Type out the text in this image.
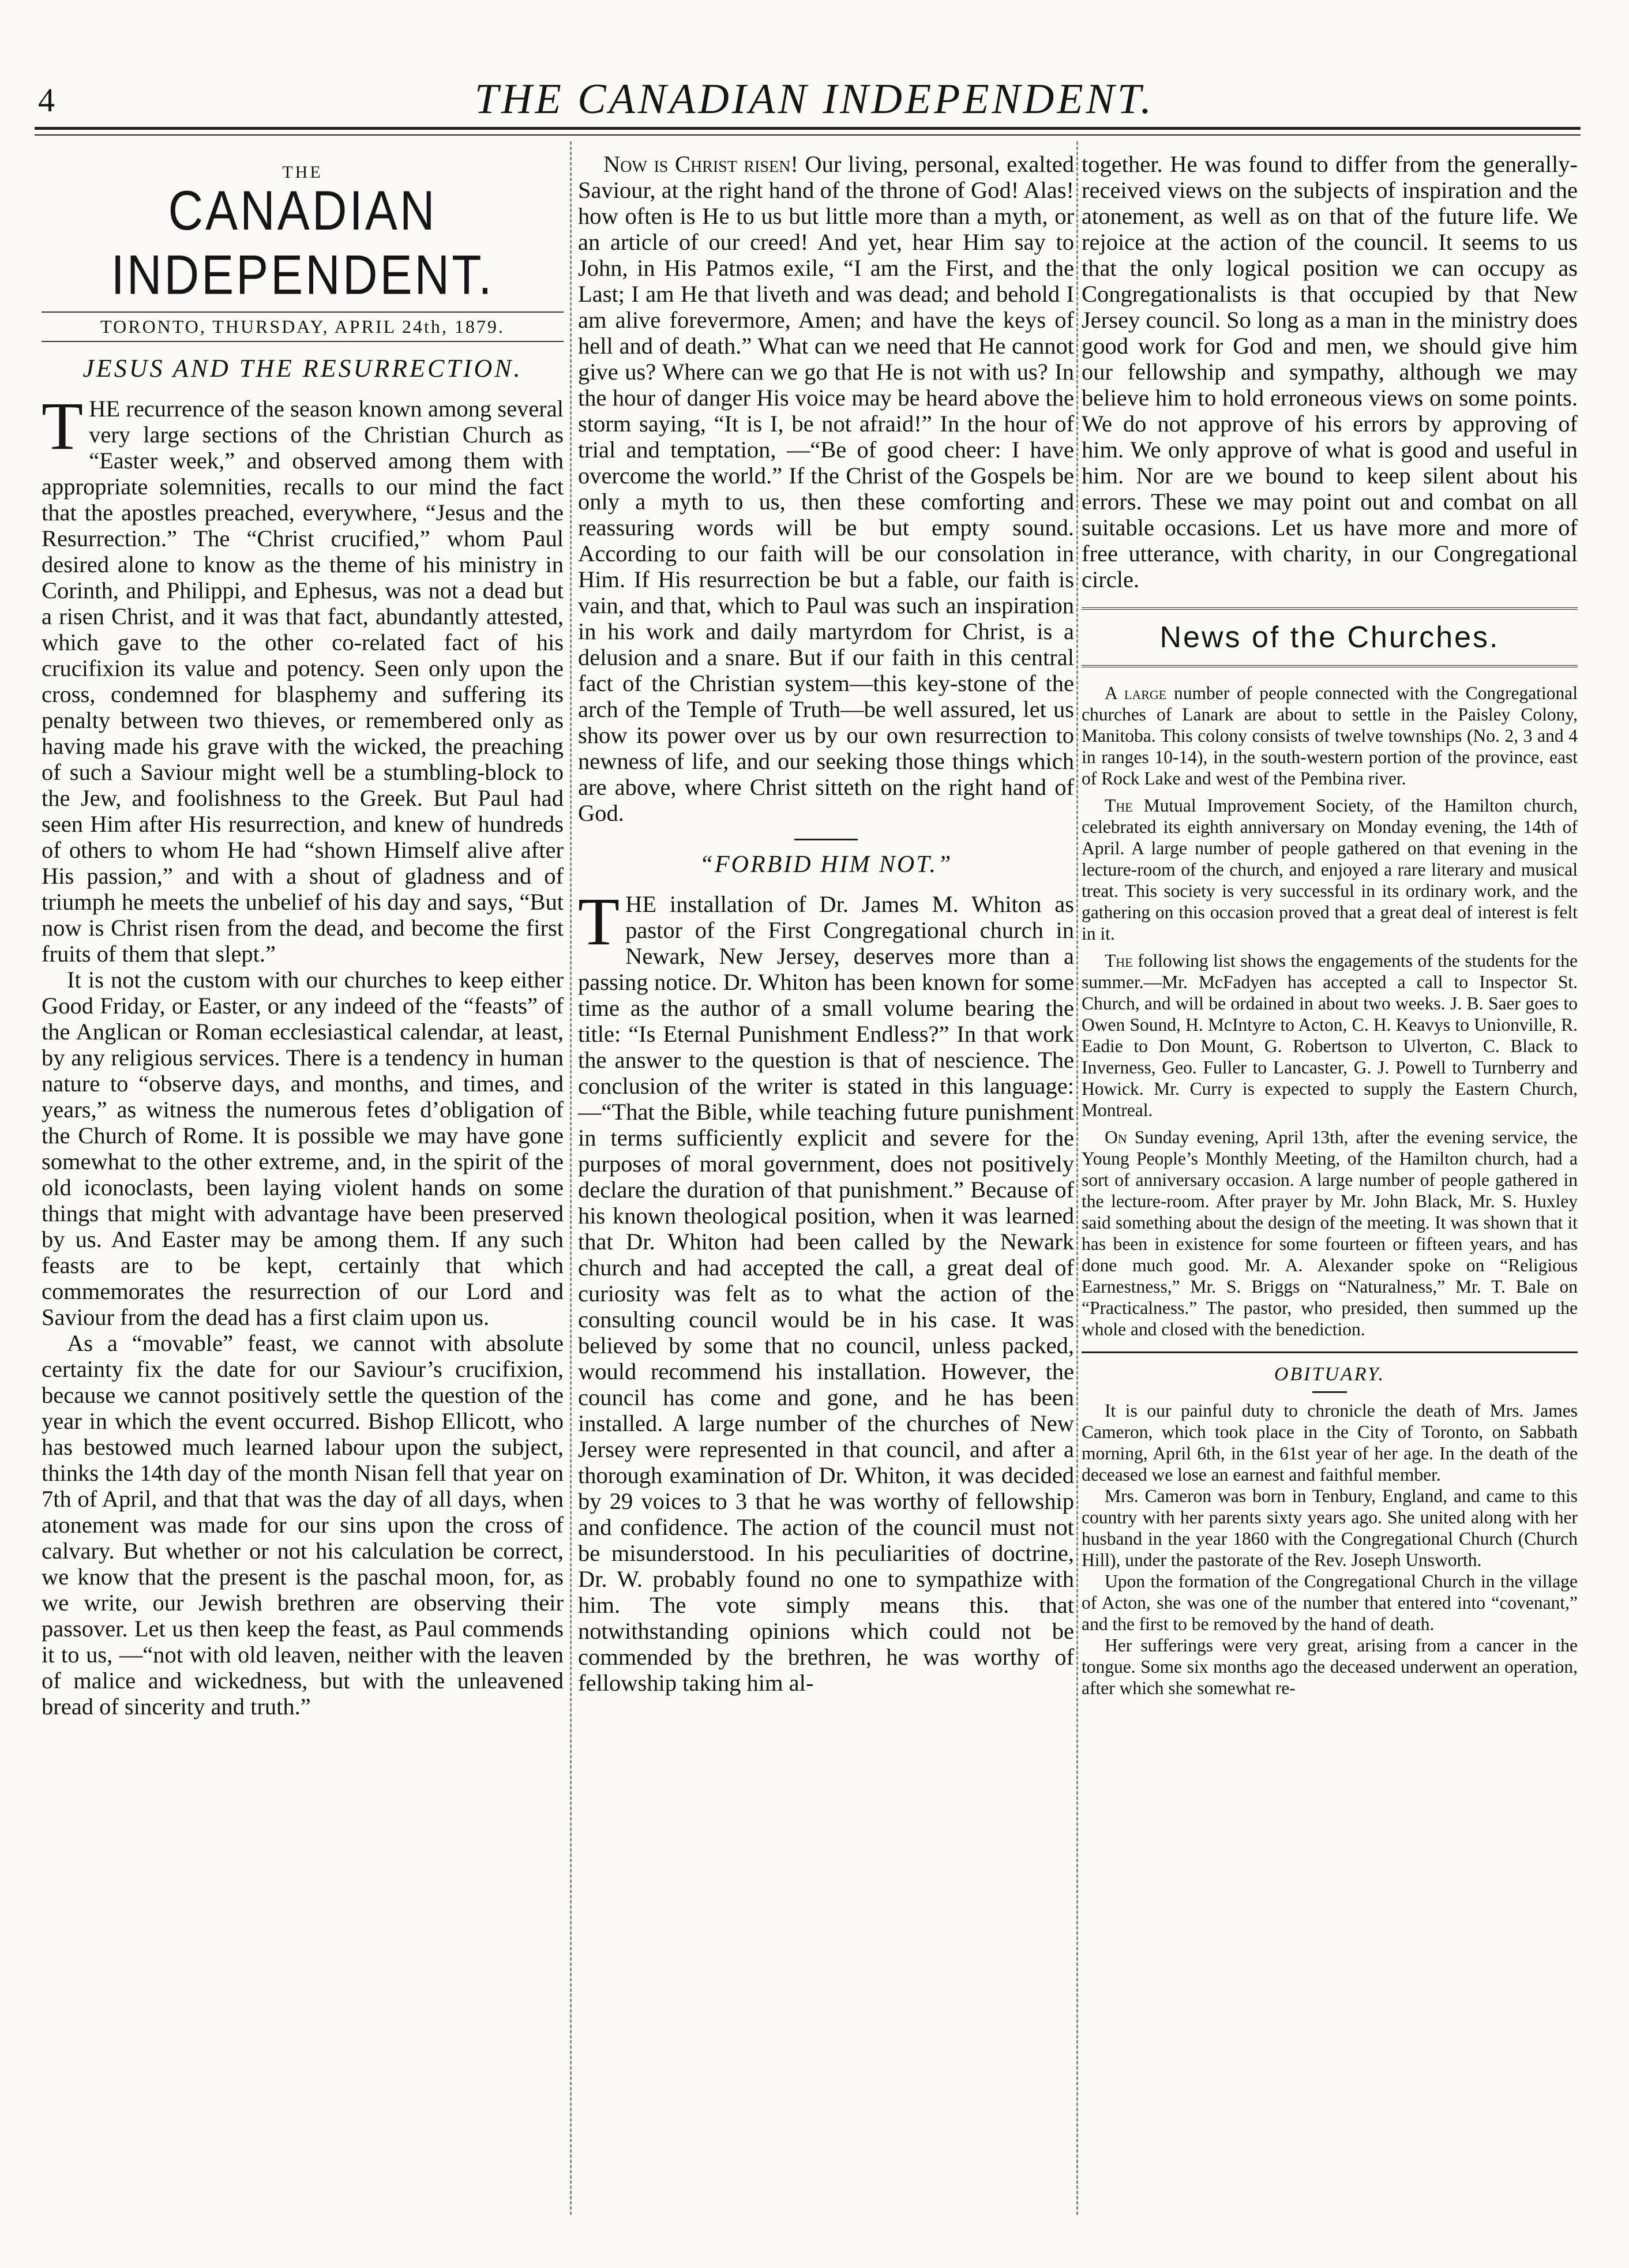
4	THE CANADIAN INDEPENDENT.
THE
CANADIAN INDEPENDENT.
TORONTO, THURSDAY, APRIL 24th, 1879.
JESUS AND THE RESURRECTION.

THE recurrence of the season known among several very large sections of the Christian Church as “Easter week,” and observed among them with appropriate solemnities, recalls to our mind the fact that the apostles preached, everywhere, “Jesus and the Resurrection.” The “Christ crucified,” whom Paul desired alone to know as the theme of his ministry in Corinth, and Philippi, and Ephesus, was not a dead but a risen Christ, and it was that fact, abundantly attested, which gave to the other co-related fact of his crucifixion its value and potency. Seen only upon the cross, condemned for blasphemy and suffering its penalty between two thieves, or remembered only as having made his grave with the wicked, the preaching of such a Saviour might well be a stumbling-block to the Jew, and foolishness to the Greek. But Paul had seen Him after His resurrection, and knew of hundreds of others to whom He had “shown Himself alive after His passion,” and with a shout of gladness and of triumph he meets the unbelief of his day and says, “But now is Christ risen from the dead, and become the first fruits of them that slept.”

It is not the custom with our churches to keep either Good Friday, or Easter, or any indeed of the “feasts” of the Anglican or Roman ecclesiastical calendar, at least, by any religious services. There is a tendency in human nature to “observe days, and months, and times, and years,” as witness the numerous fetes d’obligation of the Church of Rome. It is possible we may have gone somewhat to the other extreme, and, in the spirit of the old iconoclasts, been laying violent hands on some things that might with advantage have been preserved by us. And Easter may be among them. If any such feasts are to be kept, certainly that which commemorates the resurrection of our Lord and Saviour from the dead has a first claim upon us.

As a “movable” feast, we cannot with absolute certainty fix the date for our Saviour’s crucifixion, because we cannot positively settle the question of the year in which the event occurred. Bishop Ellicott, who has bestowed much learned labour upon the subject, thinks the 14th day of the month Nisan fell that year on 7th of April, and that that was the day of all days, when atonement was made for our sins upon the cross of calvary. But whether or not his calculation be correct, we know that the present is the paschal moon, for, as we write, our Jewish brethren are observing their passover. Let us then keep the feast, as Paul commends it to us, —“not with old leaven, neither with the leaven of malice and wickedness, but with the unleavened bread of sincerity and truth.”

Now is Christ risen! Our living, personal, exalted Saviour, at the right hand of the throne of God! Alas! how often is He to us but little more than a myth, or an article of our creed! And yet, hear Him say to John, in His Patmos exile, “I am the First, and the Last; I am He that liveth and was dead; and behold I am alive forevermore, Amen; and have the keys of hell and of death.” What can we need that He cannot give us? Where can we go that He is not with us? In the hour of danger His voice may be heard above the storm saying, “It is I, be not afraid!” In the hour of trial and temptation, —“Be of good cheer: I have overcome the world.” If the Christ of the Gospels be only a myth to us, then these comforting and reassuring words will be but empty sound. According to our faith will be our consolation in Him. If His resurrection be but a fable, our faith is vain, and that, which to Paul was such an inspiration in his work and daily martyrdom for Christ, is a delusion and a snare. But if our faith in this central fact of the Christian system—this key-stone of the arch of the Temple of Truth—be well assured, let us show its power over us by our own resurrection to newness of life, and our seeking those things which are above, where Christ sitteth on the right hand of God.

“FORBID HIM NOT.”

THE installation of Dr. James M. Whiton as pastor of the First Congregational church in Newark, New Jersey, deserves more than a passing notice. Dr. Whiton has been known for some time as the author of a small volume bearing the title: “Is Eternal Punishment Endless?” In that work the answer to the question is that of nescience. The conclusion of the writer is stated in this language:—“That the Bible, while teaching future punishment in terms sufficiently explicit and severe for the purposes of moral government, does not positively declare the duration of that punishment.” Because of his known theological position, when it was learned that Dr. Whiton had been called by the Newark church and had accepted the call, a great deal of curiosity was felt as to what the action of the consulting council would be in his case. It was believed by some that no council, unless packed, would recommend his installation. However, the council has come and gone, and he has been installed. A large number of the churches of New Jersey were represented in that council, and after a thorough examination of Dr. Whiton, it was decided by 29 voices to 3 that he was worthy of fellowship and confidence. The action of the council must not be misunderstood. In his peculiarities of doctrine, Dr. W. probably found no one to sympathize with him. The vote simply means this. that notwithstanding opinions which could not be commended by the brethren, he was worthy of fellowship taking him al-

together. He was found to differ from the generally-received views on the subjects of inspiration and the atonement, as well as on that of the future life. We rejoice at the action of the council. It seems to us that the only logical position we can occupy as Congregationalists is that occupied by that New Jersey council. So long as a man in the ministry does good work for God and men, we should give him our fellowship and sympathy, although we may believe him to hold erroneous views on some points. We do not approve of his errors by approving of him. We only approve of what is good and useful in him. Nor are we bound to keep silent about his errors. These we may point out and combat on all suitable occasions. Let us have more and more of free utterance, with charity, in our Congregational circle.

News of the Churches.

A large number of people connected with the Congregational churches of Lanark are about to settle in the Paisley Colony, Manitoba. This colony consists of twelve townships (No. 2, 3 and 4 in ranges 10-14), in the south-western portion of the province, east of Rock Lake and west of the Pembina river.

The Mutual Improvement Society, of the Hamilton church, celebrated its eighth anniversary on Monday evening, the 14th of April. A large number of people gathered on that evening in the lecture-room of the church, and enjoyed a rare literary and musical treat. This society is very successful in its ordinary work, and the gathering on this occasion proved that a great deal of interest is felt in it.

The following list shows the engagements of the students for the summer.—Mr. McFadyen has accepted a call to Inspector St. Church, and will be ordained in about two weeks. J. B. Saer goes to Owen Sound, H. McIntyre to Acton, C. H. Keavys to Unionville, R. Eadie to Don Mount, G. Robertson to Ulverton, C. Black to Inverness, Geo. Fuller to Lancaster, G. J. Powell to Turnberry and Howick. Mr. Curry is expected to supply the Eastern Church, Montreal.

On Sunday evening, April 13th, after the evening service, the Young People’s Monthly Meeting, of the Hamilton church, had a sort of anniversary occasion. A large number of people gathered in the lecture-room. After prayer by Mr. John Black, Mr. S. Huxley said something about the design of the meeting. It was shown that it has been in existence for some fourteen or fifteen years, and has done much good. Mr. A. Alexander spoke on “Religious Earnestness,” Mr. S. Briggs on “Naturalness,” Mr. T. Bale on “Practicalness.” The pastor, who presided, then summed up the whole and closed with the benediction.

OBITUARY.

It is our painful duty to chronicle the death of Mrs. James Cameron, which took place in the City of Toronto, on Sabbath morning, April 6th, in the 61st year of her age. In the death of the deceased we lose an earnest and faithful member.

Mrs. Cameron was born in Tenbury, England, and came to this country with her parents sixty years ago. She united along with her husband in the year 1860 with the Congregational Church (Church Hill), under the pastorate of the Rev. Joseph Unsworth.

Upon the formation of the Congregational Church in the village of Acton, she was one of the number that entered into “covenant,” and the first to be removed by the hand of death.

Her sufferings were very great, arising from a cancer in the tongue. Some six months ago the deceased underwent an operation, after which she somewhat re-
